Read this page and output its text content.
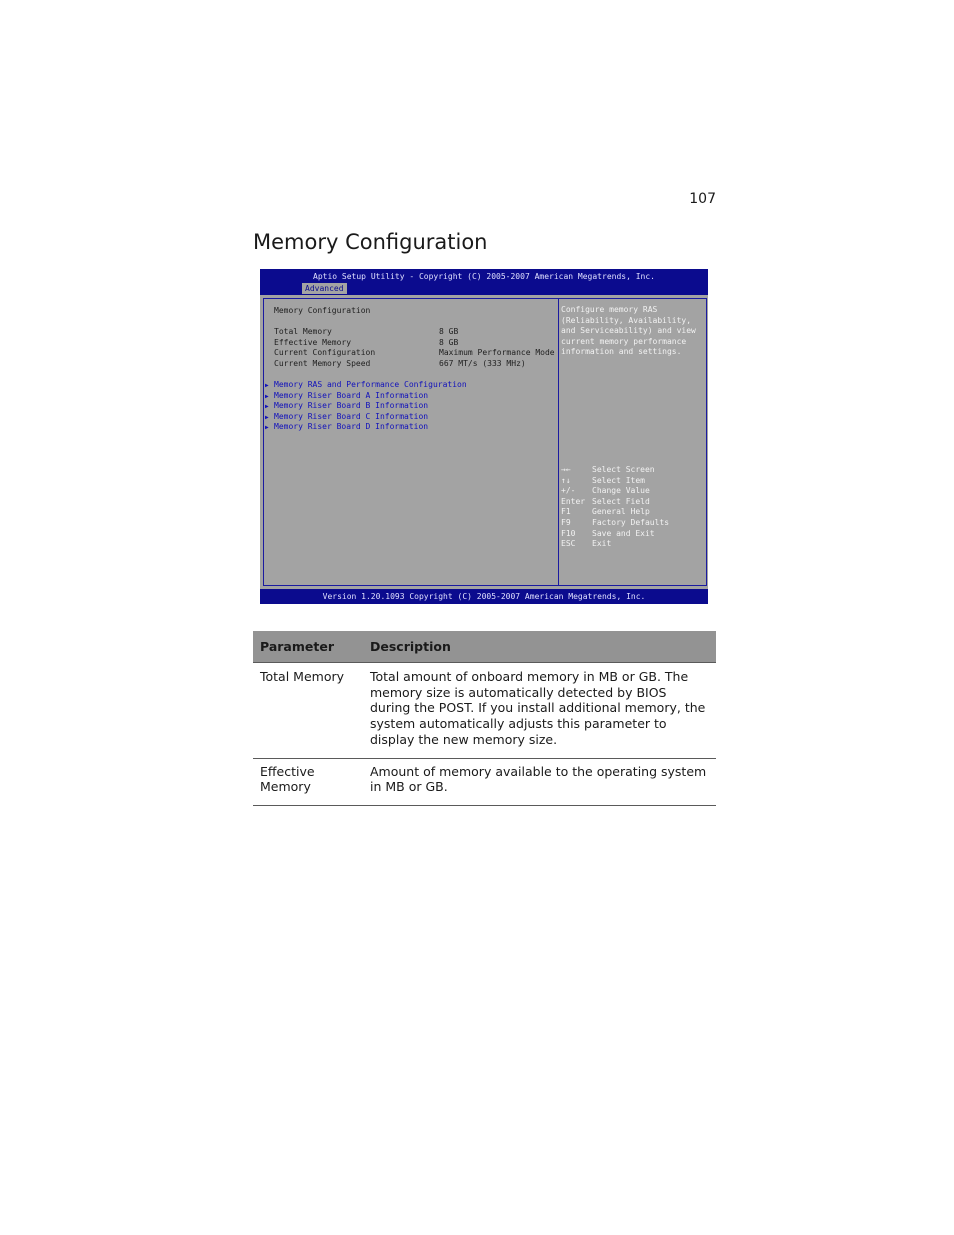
107
Memory Configuration
Aptio Setup Utility - Copyright (C) 2005-2007 American Megatrends, Inc.
Advanced
Memory Configuration
Total Memory	8 GB
Effective Memory	8 GB
Current Configuration	Maximum Performance Mode
Current Memory Speed	667 MT/s (333 MHz)
▶ Memory RAS and Performance Configuration
▶ Memory Riser Board A Information
▶ Memory Riser Board B Information
▶ Memory Riser Board C Information
▶ Memory Riser Board D Information
Configure memory RAS (Reliability, Availability, and Serviceability) and view current memory performance information and settings.
→←	Select Screen
↑↓	Select Item
+/- Change Value
Enter Select Field
F1	General Help
F9	Factory Defaults
F10 Save and Exit
ESC Exit
Version 1.20.1093 Copyright (C) 2005-2007 American Megatrends, Inc.
Parameter	Description
Total Memory	Total amount of onboard memory in MB or GB. The memory size is automatically detected by BIOS during the POST. If you install additional memory, the system automatically adjusts this parameter to display the new memory size.
Effective Memory	Amount of memory available to the operating system in MB or GB.
